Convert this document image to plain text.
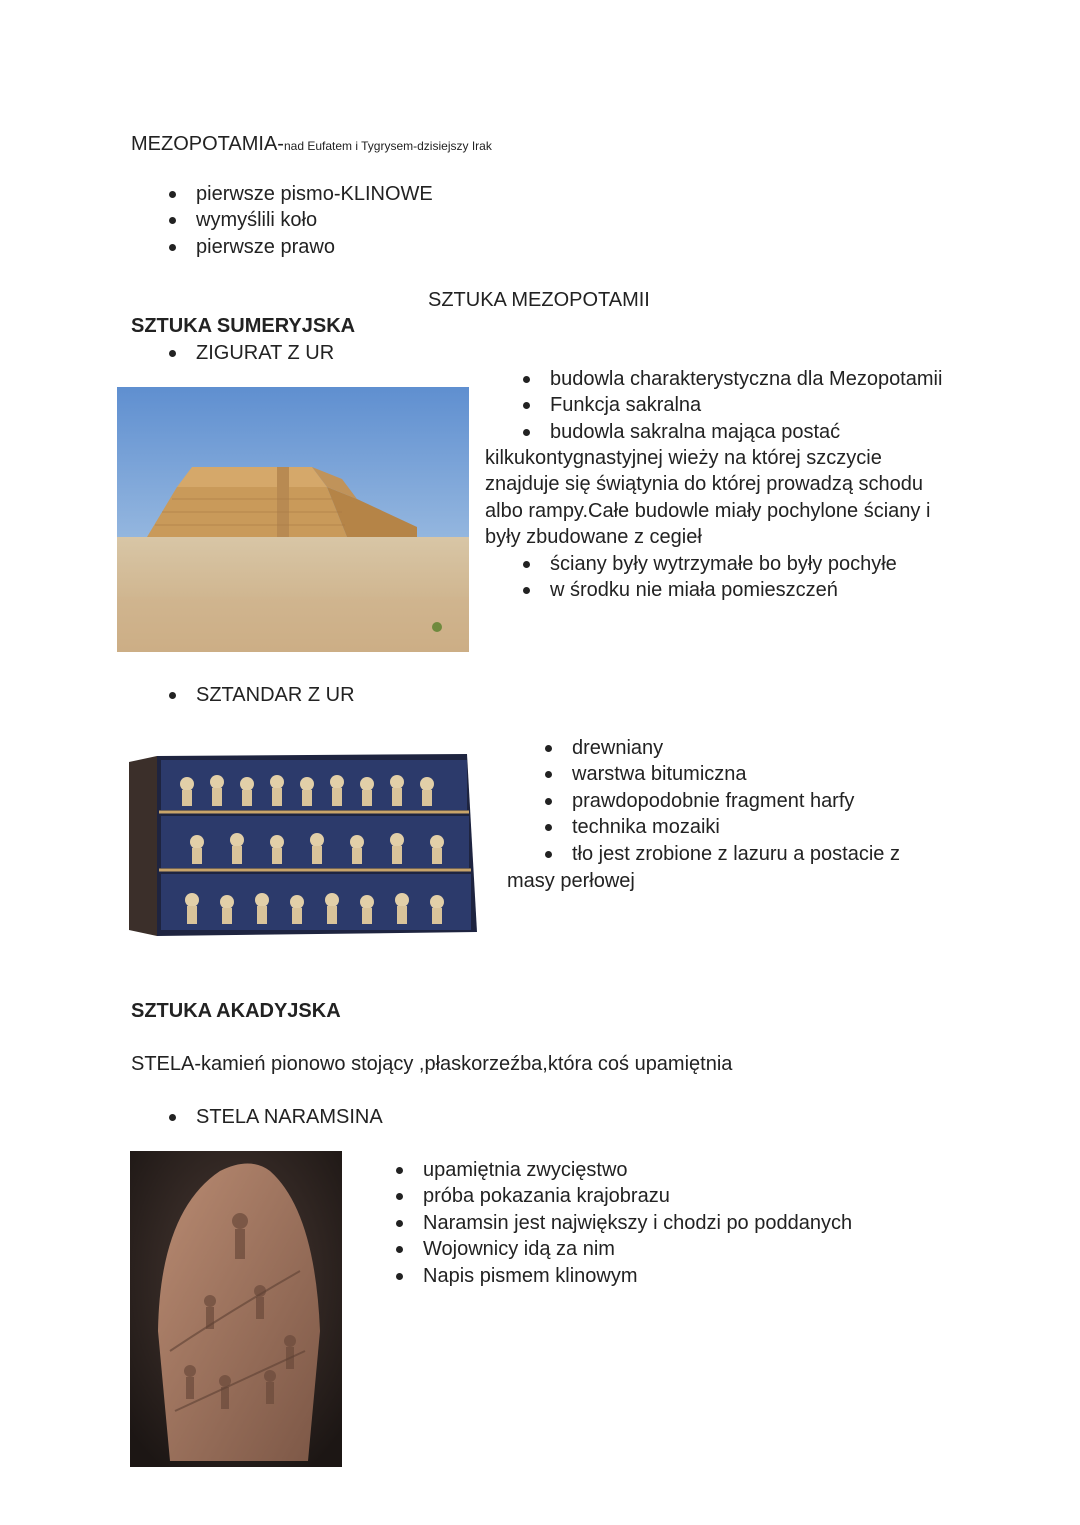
MEZOPOTAMIA-nad Eufatem i Tygrysem-dzisiejszy Irak
pierwsze pismo-KLINOWE
wymyślili koło
pierwsze prawo
SZTUKA MEZOPOTAMII
SZTUKA SUMERYJSKA
ZIGURAT Z UR
budowla charakterystyczna dla Mezopotamii
Funkcja sakralna
budowla sakralna mająca postać
kilkukontygnastyjnej wieży na której szczycie
znajduje się świątynia do której prowadzą schodu
albo rampy.Całe budowle miały pochylone ściany i
były zbudowane z cegieł
ściany były wytrzymałe bo były pochyłe
w środku nie miała pomieszczeń
SZTANDAR Z UR
drewniany
warstwa bitumiczna
prawdopodobnie fragment harfy
technika mozaiki
tło jest zrobione z lazuru a postacie z
masy perłowej
SZTUKA AKADYJSKA
STELA-kamień pionowo stojący ,płaskorzeźba,która coś upamiętnia
STELA NARAMSINA
upamiętnia zwycięstwo
próba pokazania krajobrazu
Naramsin jest największy i chodzi po poddanych
Wojownicy idą za nim
Napis pismem klinowym
